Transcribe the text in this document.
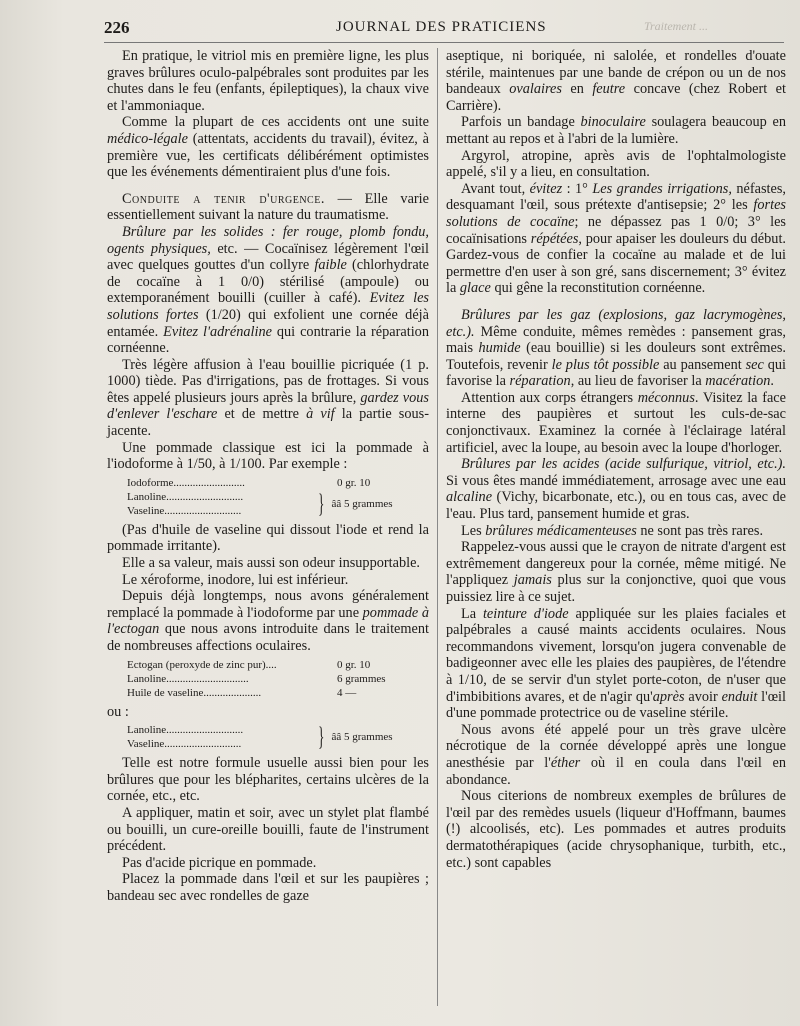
226	JOURNAL DES PRATICIENS	Traitement ...

En pratique, le vitriol mis en première ligne, les plus graves brûlures oculo-palpébrales sont produites par les chutes dans le feu (enfants, épileptiques), la chaux vive et l'ammoniaque.

Comme la plupart de ces accidents ont une suite médico-légale (attentats, accidents du travail), évitez, à première vue, les certificats délibérément optimistes que les événements démentiraient plus d'une fois.

Conduite a tenir d'urgence. — Elle varie essentiellement suivant la nature du traumatisme.

Brûlure par les solides : fer rouge, plomb fondu, ogents physiques, etc. — Cocaïnisez légèrement l'œil avec quelques gouttes d'un collyre faible (chlorhydrate de cocaïne à 1 0/0) stérilisé (ampoule) ou extemporanément bouilli (cuiller à café). Evitez les solutions fortes (1/20) qui exfolient une cornée déjà entamée. Evitez l'adrénaline qui contrarie la réparation cornéenne.

Très légère affusion à l'eau bouillie picriquée (1 p. 1000) tiède. Pas d'irrigations, pas de frottages. Si vous êtes appelé plusieurs jours après la brûlure, gardez vous d'enlever l'eschare et de mettre à vif la partie sous-jacente.

Une pommade classique est ici la pommade à l'iodoforme à 1/50, à 1/100. Par exemple :

Iodoforme..........................	0 gr. 10
Lanoline............................
Vaseline............................	} ââ 5 grammes

(Pas d'huile de vaseline qui dissout l'iode et rend la pommade irritante).

Elle a sa valeur, mais aussi son odeur insupportable.

Le xéroforme, inodore, lui est inférieur.

Depuis déjà longtemps, nous avons généralement remplacé la pommade à l'iodoforme par une pommade à l'ectogan que nous avons introduite dans le traitement de nombreuses affections oculaires.

Ectogan (peroxyde de zinc pur)....	0 gr. 10
Lanoline..............................	6 grammes
Huile de vaseline.....................	4 —

ou :

Lanoline............................
Vaseline............................	} ââ 5 grammes

Telle est notre formule usuelle aussi bien pour les brûlures que pour les blépharites, certains ulcères de la cornée, etc., etc.

A appliquer, matin et soir, avec un stylet plat flambé ou bouilli, un cure-oreille bouilli, faute de l'instrument précédent.

Pas d'acide picrique en pommade.

Placez la pommade dans l'œil et sur les paupières ; bandeau sec avec rondelles de gaze

aseptique, ni boriquée, ni salolée, et rondelles d'ouate stérile, maintenues par une bande de crépon ou un de nos bandeaux ovalaires en feutre concave (chez Robert et Carrière).

Parfois un bandage binoculaire soulagera beaucoup en mettant au repos et à l'abri de la lumière.

Argyrol, atropine, après avis de l'ophtalmologiste appelé, s'il y a lieu, en consultation.

Avant tout, évitez : 1° Les grandes irrigations, néfastes, desquamant l'œil, sous prétexte d'antisepsie; 2° les fortes solutions de cocaïne; ne dépassez pas 1 0/0; 3° les cocaïnisations répétées, pour apaiser les douleurs du début. Gardez-vous de confier la cocaïne au malade et de lui permettre d'en user à son gré, sans discernement; 3° évitez la glace qui gêne la reconstitution cornéenne.

Brûlures par les gaz (explosions, gaz lacrymogènes, etc.). Même conduite, mêmes remèdes : pansement gras, mais humide (eau bouillie) si les douleurs sont extrêmes. Toutefois, revenir le plus tôt possible au pansement sec qui favorise la réparation, au lieu de favoriser la macération.

Attention aux corps étrangers méconnus. Visitez la face interne des paupières et surtout les culs-de-sac conjonctivaux. Examinez la cornée à l'éclairage latéral artificiel, avec la loupe, au besoin avec la loupe d'horloger.

Brûlures par les acides (acide sulfurique, vitriol, etc.). Si vous êtes mandé immédiatement, arrosage avec une eau alcaline (Vichy, bicarbonate, etc.), ou en tous cas, avec de l'eau. Plus tard, pansement humide et gras.

Les brûlures médicamenteuses ne sont pas très rares.

Rappelez-vous aussi que le crayon de nitrate d'argent est extrêmement dangereux pour la cornée, même mitigé. Ne l'appliquez jamais plus sur la conjonctive, quoi que vous puissiez lire à ce sujet.

La teinture d'iode appliquée sur les plaies faciales et palpébrales a causé maints accidents oculaires. Nous recommandons vivement, lorsqu'on jugera convenable de badigeonner avec elle les plaies des paupières, de l'étendre à 1/10, de se servir d'un stylet porte-coton, de n'user que d'imbibitions avares, et de n'agir qu'après avoir enduit l'œil d'une pommade protectrice ou de vaseline stérile.

Nous avons été appelé pour un très grave ulcère nécrotique de la cornée développé après une longue anesthésie par l'éther où il en coula dans l'œil en abondance.

Nous citerions de nombreux exemples de brûlures de l'œil par des remèdes usuels (liqueur d'Hoffmann, baumes (!) alcoolisés, etc). Les pommades et autres produits dermatothérapiques (acide chrysophanique, turbith, etc., etc.) sont capables
